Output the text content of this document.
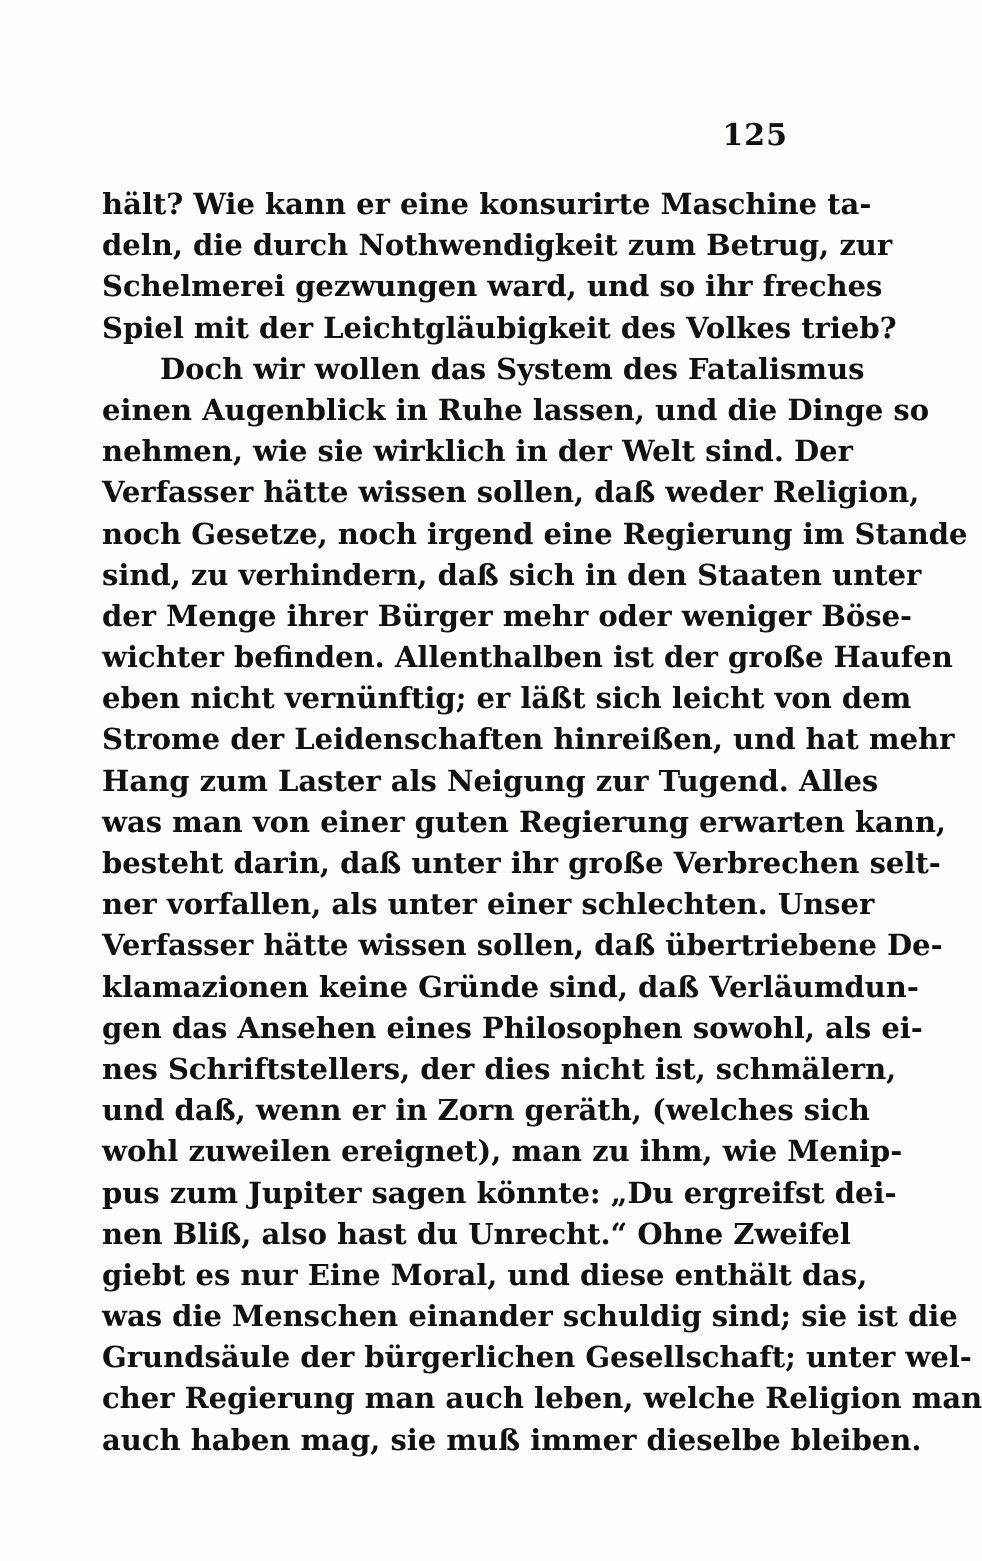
125
hält? Wie kann er eine konsurirte Maschine ta-
deln, die durch Nothwendigkeit zum Betrug, zur
Schelmerei gezwungen ward, und so ihr freches
Spiel mit der Leichtgläubigkeit des Volkes trieb?
Doch wir wollen das System des Fatalismus
einen Augenblick in Ruhe lassen, und die Dinge so
nehmen, wie sie wirklich in der Welt sind. Der
Verfasser hätte wissen sollen, daß weder Religion,
noch Gesetze, noch irgend eine Regierung im Stande
sind, zu verhindern, daß sich in den Staaten unter
der Menge ihrer Bürger mehr oder weniger Böse-
wichter befinden. Allenthalben ist der große Haufen
eben nicht vernünftig; er läßt sich leicht von dem
Strome der Leidenschaften hinreißen, und hat mehr
Hang zum Laster als Neigung zur Tugend. Alles
was man von einer guten Regierung erwarten kann,
besteht darin, daß unter ihr große Verbrechen selt-
ner vorfallen, als unter einer schlechten. Unser
Verfasser hätte wissen sollen, daß übertriebene De-
klamazionen keine Gründe sind, daß Verläumdun-
gen das Ansehen eines Philosophen sowohl, als ei-
nes Schriftstellers, der dies nicht ist, schmälern,
und daß, wenn er in Zorn geräth, (welches sich
wohl zuweilen ereignet), man zu ihm, wie Menip-
pus zum Jupiter sagen könnte: „Du ergreifst dei-
nen Bliß, also hast du Unrecht.“ Ohne Zweifel
giebt es nur Eine Moral, und diese enthält das,
was die Menschen einander schuldig sind; sie ist die
Grundsäule der bürgerlichen Gesellschaft; unter wel-
cher Regierung man auch leben, welche Religion man
auch haben mag, sie muß immer dieselbe bleiben.
